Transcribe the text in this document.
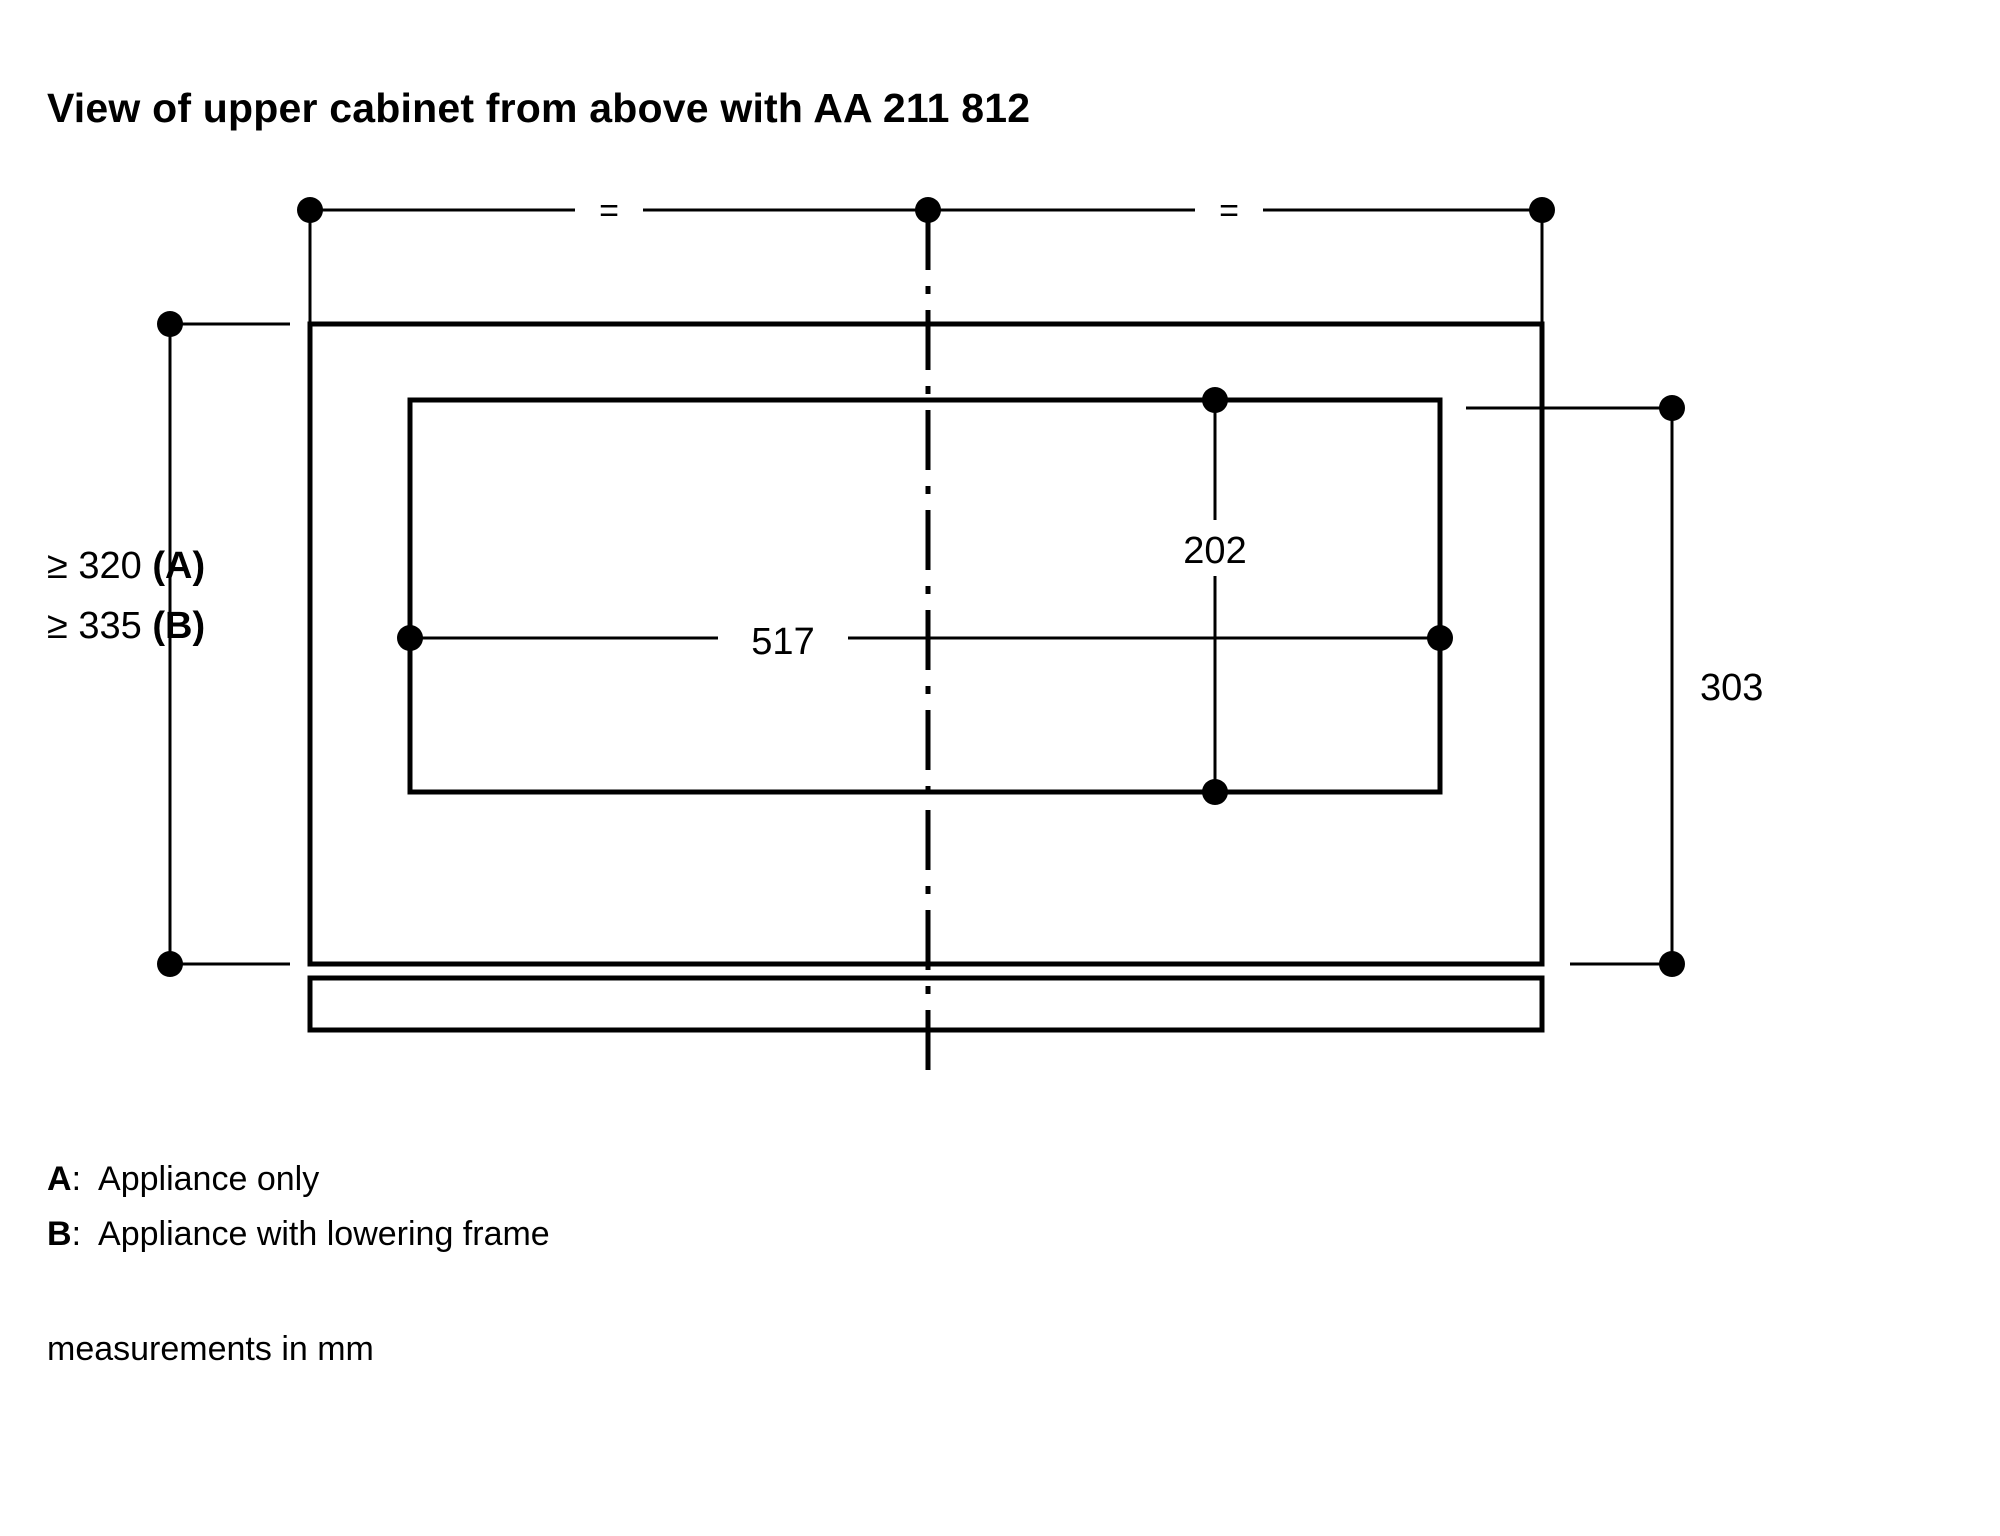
View of upper cabinet from above with AA 211 812
≥ 320 (A)
≥ 335 (B)
=	=
303
517
202
A: Appliance only
B: Appliance with lowering frame
measurements in mm
